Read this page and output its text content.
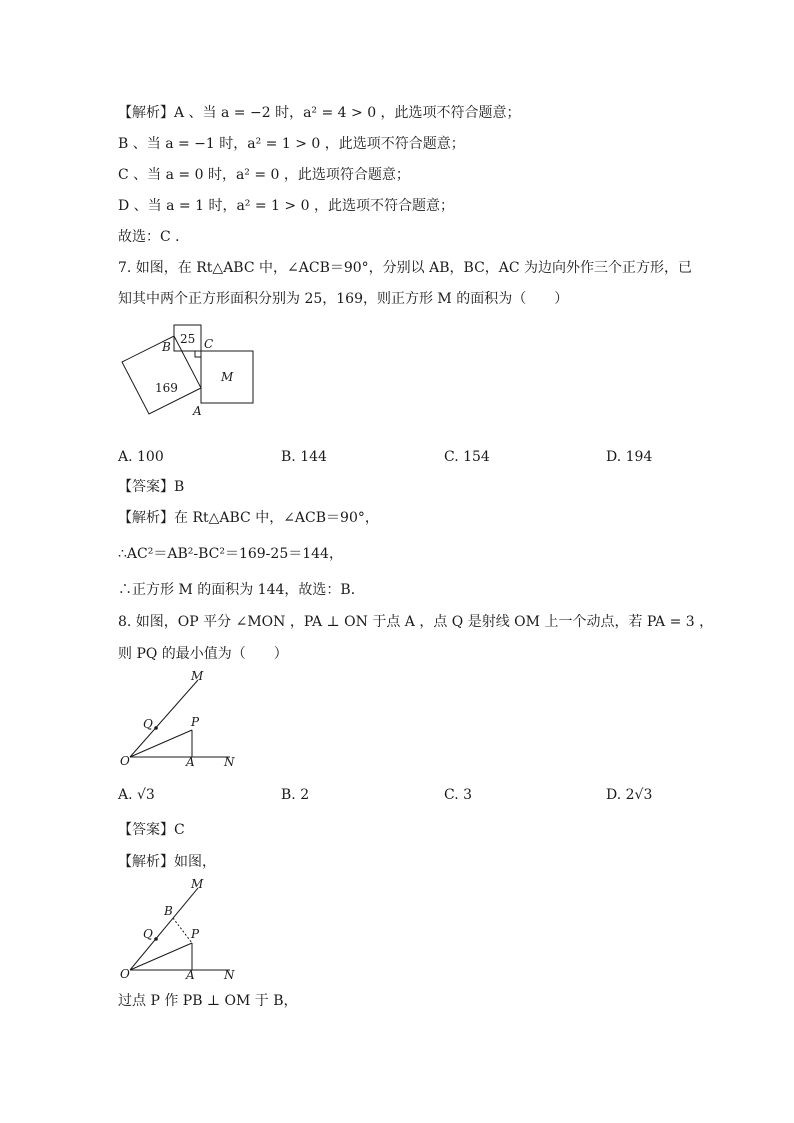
【解析】A 、当 a = −2 时，a² = 4 > 0 ，此选项不符合题意；
B 、当 a = −1 时，a² = 1 > 0 ，此选项不符合题意；
C 、当 a = 0 时，a² = 0 ，此选项符合题意；
D 、当 a = 1 时，a² = 1 > 0 ，此选项不符合题意；
故选：C ．
7. 如图，在 Rt△ABC 中，∠ACB＝90°，分别以 AB，BC，AC 为边向外作三个正方形，已
知其中两个正方形面积分别为 25，169，则正方形 M 的面积为（　　）
25
169
M
B	C
A
A. 100	B. 144	C. 154	D. 194
【答案】B
【解析】在 Rt△ABC 中，∠ACB＝90°，
∴AC²＝AB²-BC²＝169-25＝144，
∴正方形 M 的面积为 144，故选：B．
8. 如图，OP 平分 ∠MON ，PA ⊥ ON 于点 A ，点 Q 是射线 OM 上一个动点，若 PA = 3 ，
则 PQ 的最小值为（　　）
M
Q	P
O	A N
A. √3	B. 2	C. 3	D. 2√3
【答案】C
【解析】如图，
M
B
Q	P
O	A N
过点 P 作 PB ⊥ OM 于 B，
